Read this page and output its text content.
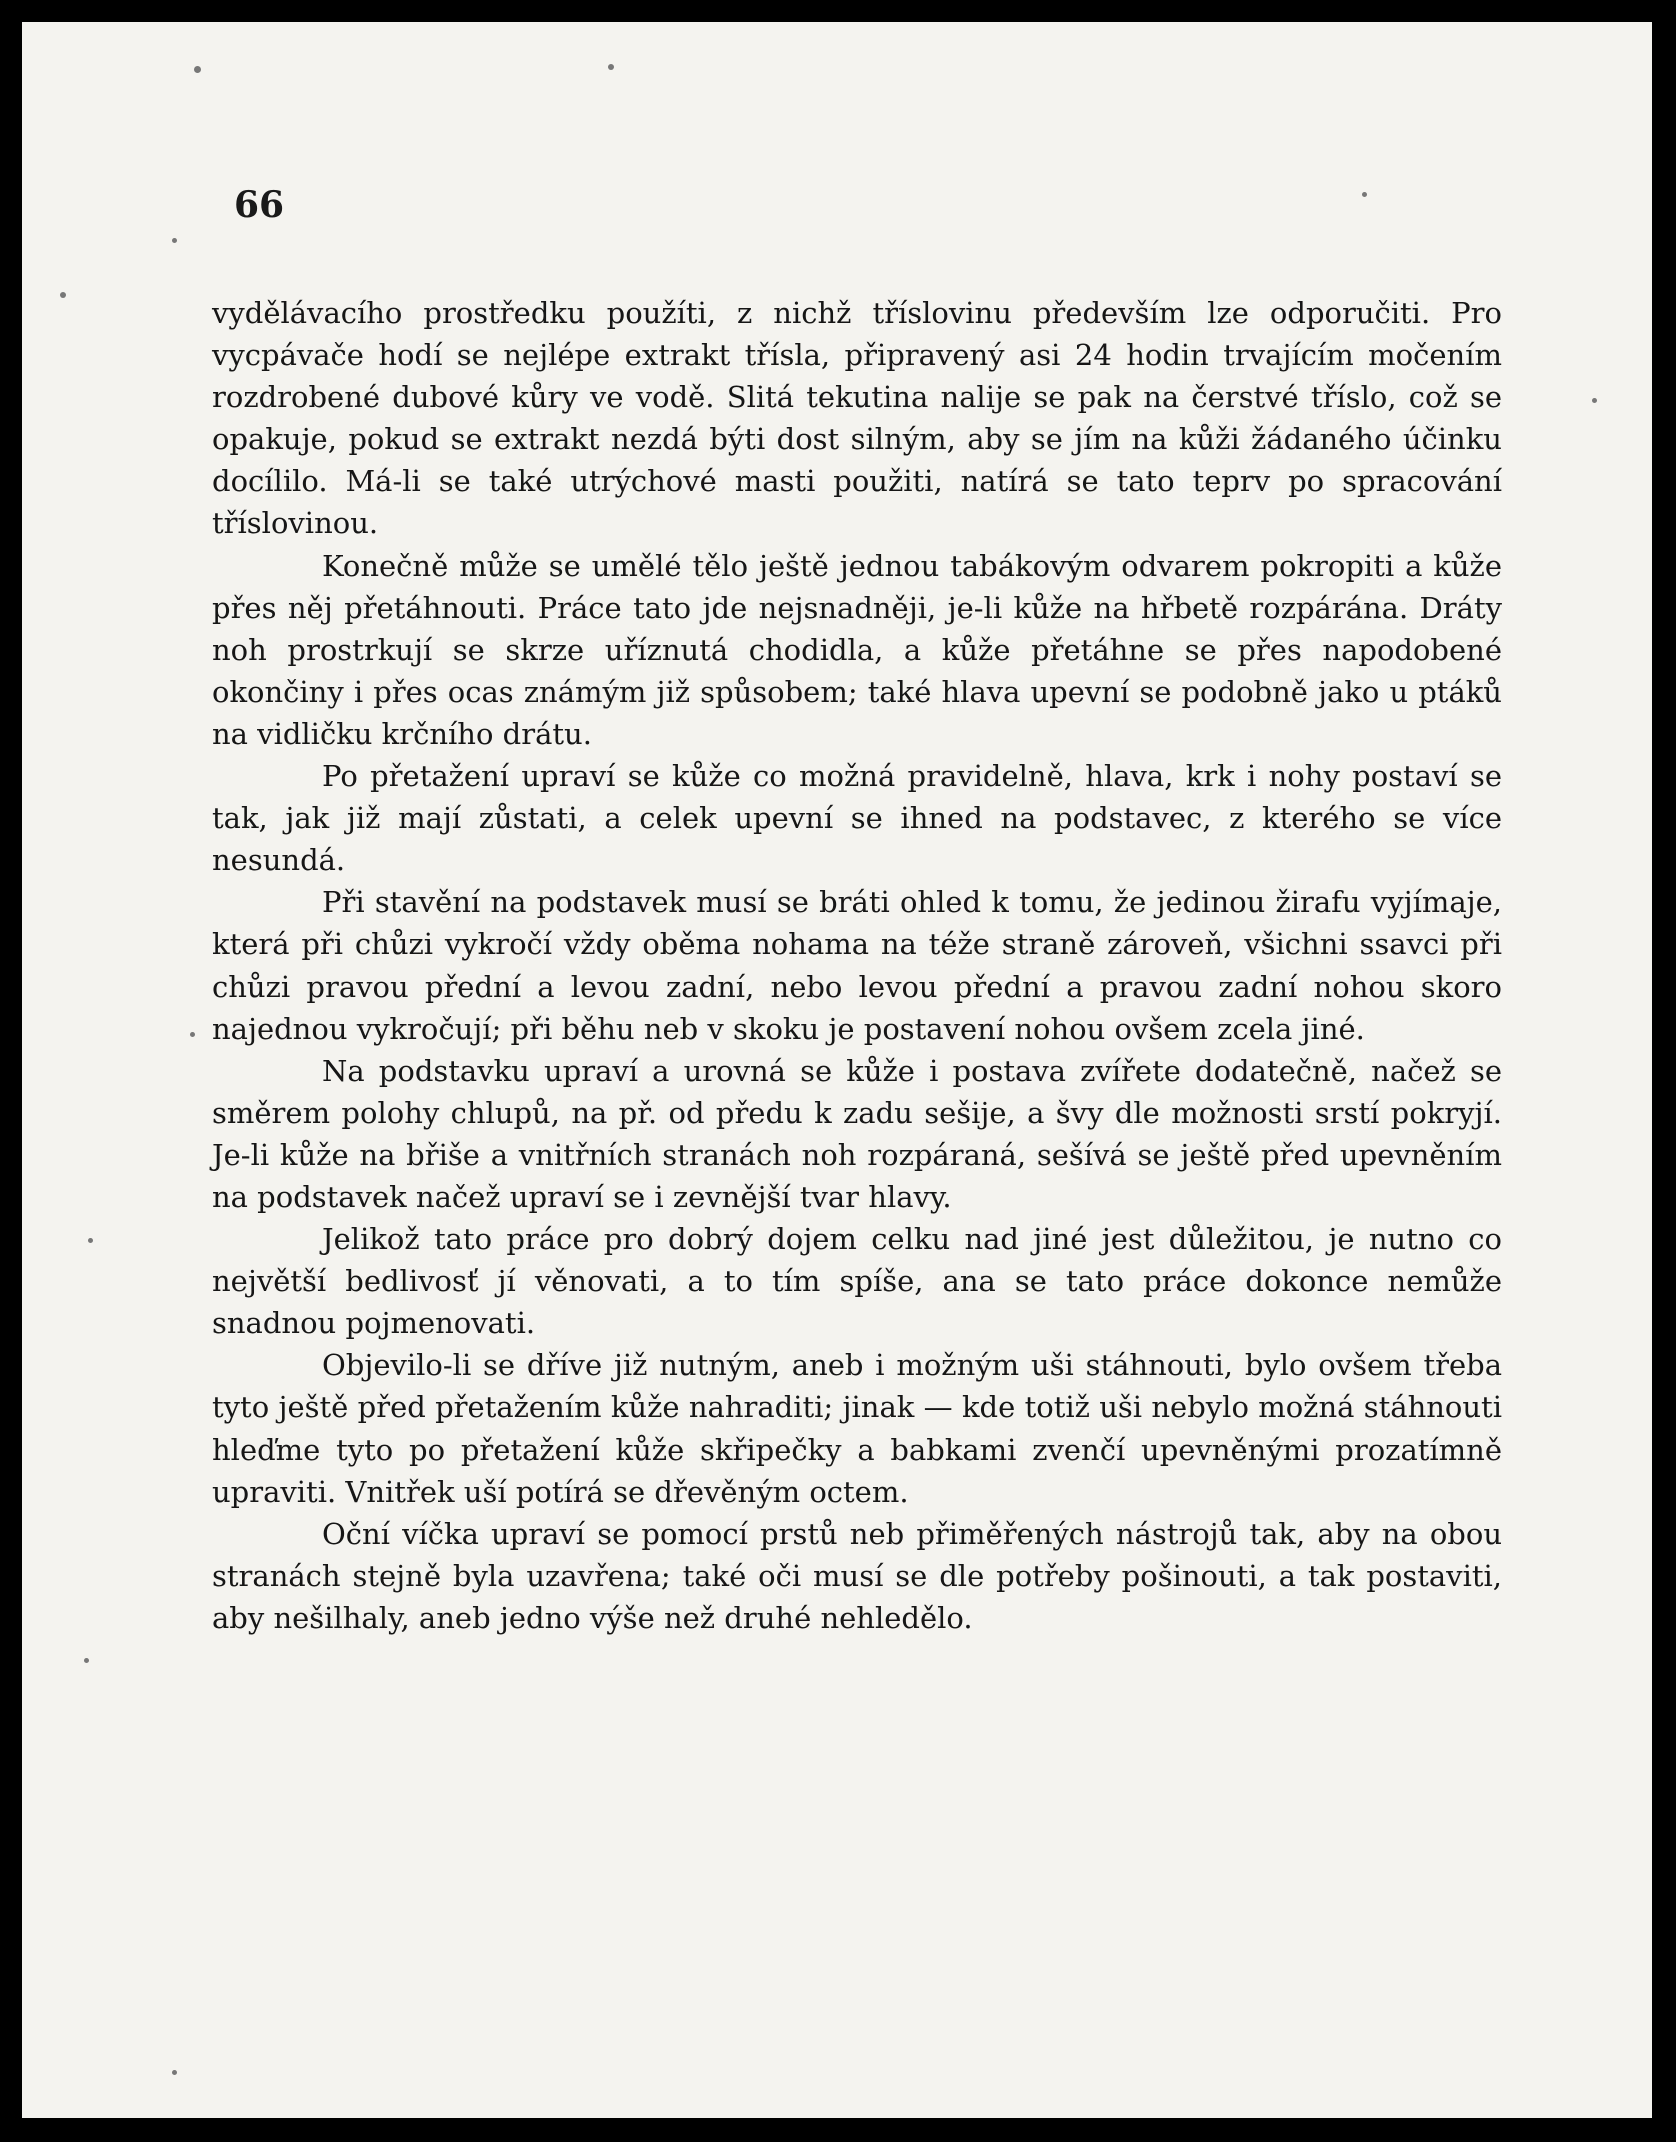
66

vydělávacího prostředku použíti, z nichž tříslovinu především lze odporučiti. Pro vycpávače hodí se nejlépe extrakt třísla, připravený asi 24 hodin trvajícím močením rozdrobené dubové kůry ve vodě. Slitá tekutina nalije se pak na čerstvé tříslo, což se opakuje, pokud se extrakt nezdá býti dost silným, aby se jím na kůži žádaného účinku docílilo. Má-li se také utrýchové masti použiti, natírá se tato teprv po spracování tříslovinou.

Konečně může se umělé tělo ještě jednou tabákovým odvarem pokropiti a kůže přes něj přetáhnouti. Práce tato jde nejsnadněji, je-li kůže na hřbetě rozpárána. Dráty noh prostrkují se skrze uříznutá chodidla, a kůže přetáhne se přes napodobené okončiny i přes ocas známým již spůsobem; také hlava upevní se podobně jako u ptáků na vidličku krčního drátu.

Po přetažení upraví se kůže co možná pravidelně, hlava, krk i nohy postaví se tak, jak již mají zůstati, a celek upevní se ihned na podstavec, z kterého se více nesundá.

Při stavění na podstavek musí se bráti ohled k tomu, že jedinou žirafu vyjímaje, která při chůzi vykročí vždy oběma nohama na téže straně zároveň, všichni ssavci při chůzi pravou přední a levou zadní, nebo levou přední a pravou zadní nohou skoro najednou vykročují; při běhu neb v skoku je postavení nohou ovšem zcela jiné.

Na podstavku upraví a urovná se kůže i postava zvířete dodatečně, načež se směrem polohy chlupů, na př. od předu k zadu sešije, a švy dle možnosti srstí pokryjí. Je-li kůže na břiše a vnitřních stranách noh rozpáraná, sešívá se ještě před upevněním na podstavek načež upraví se i zevnější tvar hlavy.

Jelikož tato práce pro dobrý dojem celku nad jiné jest důležitou, je nutno co největší bedlivosť jí věnovati, a to tím spíše, ana se tato práce dokonce nemůže snadnou pojmenovati.

Objevilo-li se dříve již nutným, aneb i možným uši stáhnouti, bylo ovšem třeba tyto ještě před přetažením kůže nahraditi; jinak — kde totiž uši nebylo možná stáhnouti hleďme tyto po přetažení kůže skřipečky a babkami zvenčí upevněnými prozatímně upraviti. Vnitřek uší potírá se dřevěným octem.

Oční víčka upraví se pomocí prstů neb přiměřených nástrojů tak, aby na obou stranách stejně byla uzavřena; také oči musí se dle potřeby pošinouti, a tak postaviti, aby nešilhaly, aneb jedno výše než druhé nehledělo.
